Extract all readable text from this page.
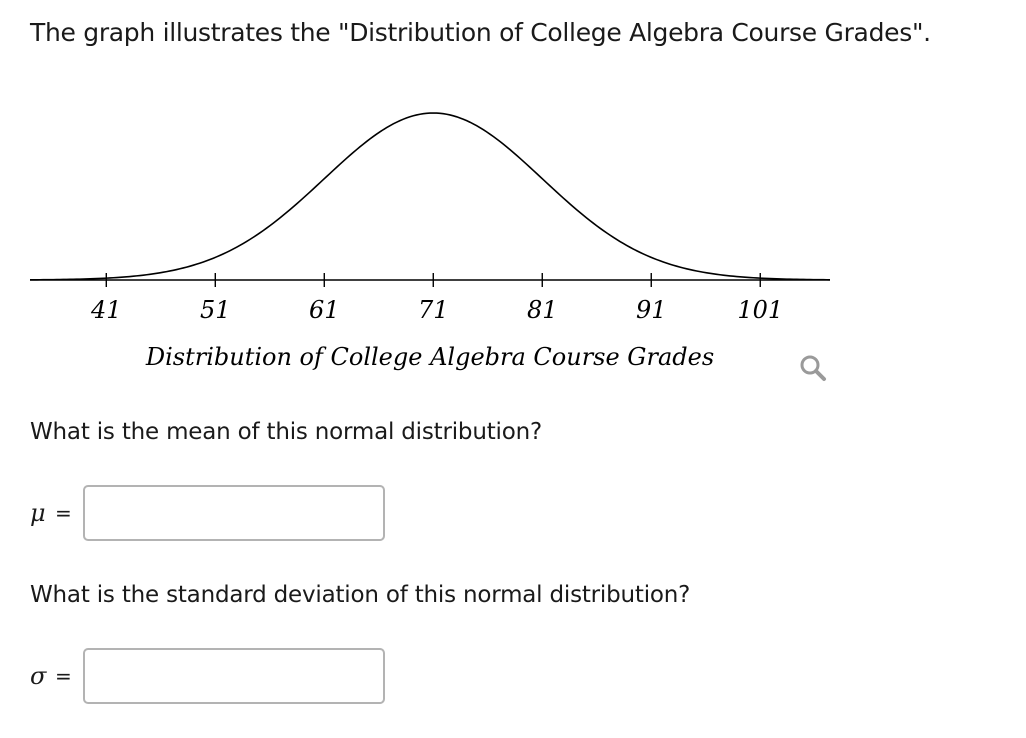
The graph illustrates the "Distribution of College Algebra Course Grades".
41	51	61	71	81	91	101
Distribution of College Algebra Course Grades
What is the mean of this normal distribution?
μ =
What is the standard deviation of this normal distribution?
σ =
